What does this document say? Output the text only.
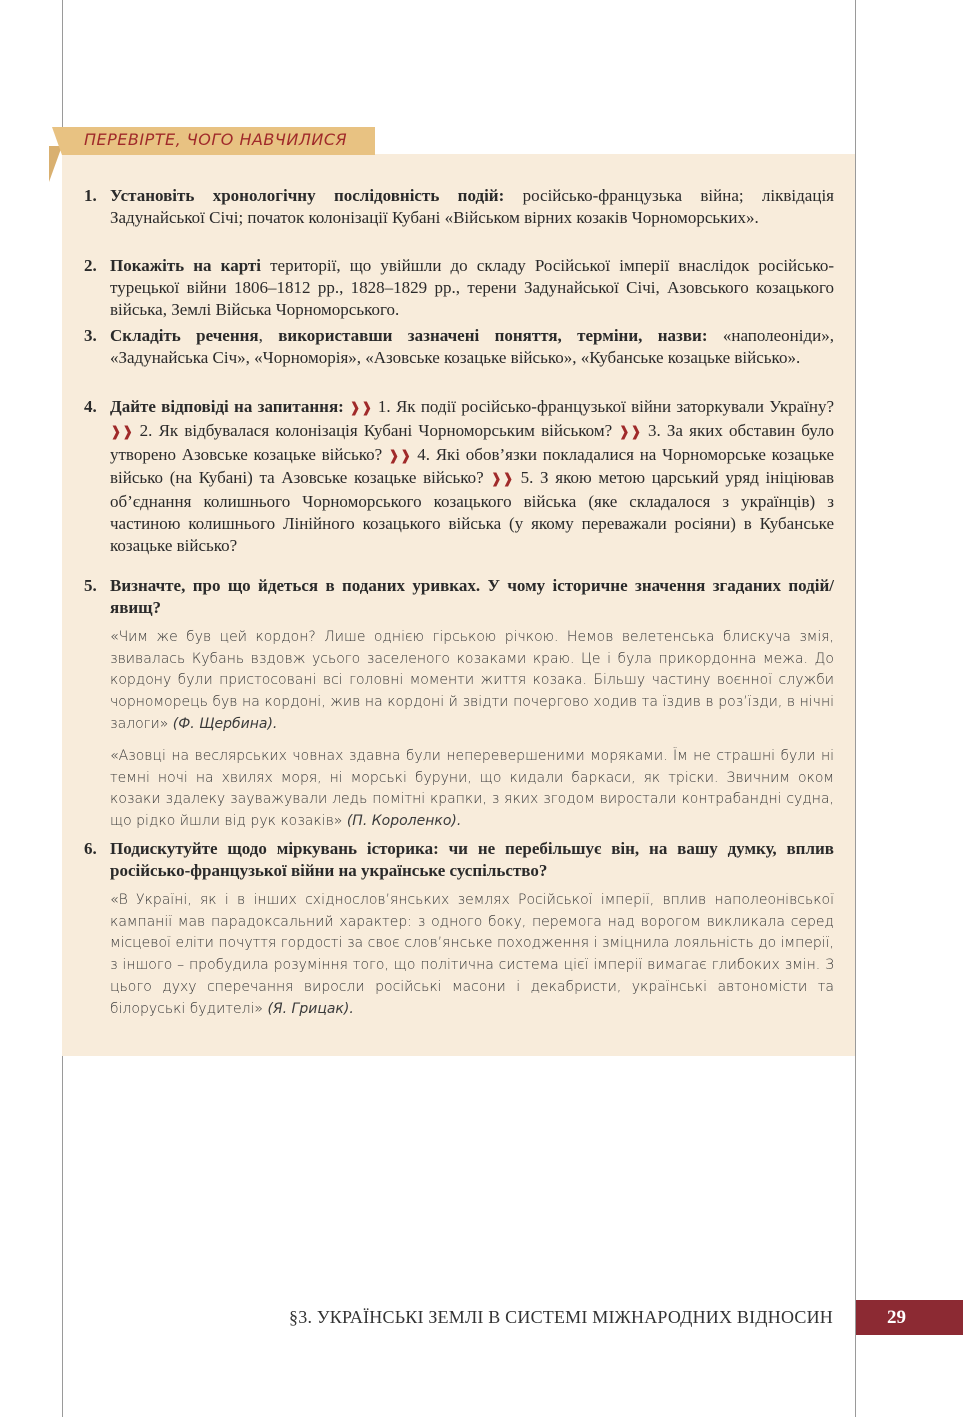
ПЕРЕВІРТЕ, ЧОГО НАВЧИЛИСЯ
1. Установіть хронологічну послідовність подій: російсько-французька війна; ліквідація Задунайської Січі; початок колонізації Кубані «Військом вірних козаків Чорноморських».
2. Покажіть на карті території, що увійшли до складу Російської імперії внаслідок російсько-турецької війни 1806–1812 рр., 1828–1829 рр., терени Задунайської Січі, Азовського козацького війська, Землі Війська Чорноморського.
3. Складіть речення, використавши зазначені поняття, терміни, назви: «наполеоніди», «Задунайська Січ», «Чорноморія», «Азовське козацьке військо», «Кубанське козацьке військо».
4. Дайте відповіді на запитання: ❱❱ 1. Як події російсько-французької війни заторкували Україну? ❱❱ 2. Як відбувалася колонізація Кубані Чорноморським військом? ❱❱ 3. За яких обставин було утворено Азовське козацьке військо? ❱❱ 4. Які обов’язки покладалися на Чорноморське козацьке військо (на Кубані) та Азовське козацьке військо? ❱❱ 5. З якою метою царський уряд ініціював об’єднання колишнього Чорноморського козацького війська (яке складалося з українців) з частиною колишнього Лінійного козацького війська (у якому переважали росіяни) в Кубанське козацьке військо?
5. Визначте, про що йдеться в поданих уривках. У чому історичне значення згаданих подій/явищ?
«Чим же був цей кордон? Лише однією гірською річкою. Немов велетенська блискуча змія, звивалась Кубань вздовж усього заселеного козаками краю. Це і була прикордонна межа. До кордону були пристосовані всі головні моменти життя козака. Більшу частину воєнної служби чорноморець був на кордоні, жив на кордоні й звідти почергово ходив та їздив в роз’їзди, в нічні залоги» (Ф. Щербина).
«Азовці на веслярських човнах здавна були неперевершеними моряками. Їм не страшні були ні темні ночі на хвилях моря, ні морські буруни, що кидали баркаси, як тріски. Звичним оком козаки здалеку зауважували ледь помітні крапки, з яких згодом виростали контрабандні судна, що рідко йшли від рук козаків» (П. Короленко).
6. Подискутуйте щодо міркувань історика: чи не перебільшує він, на вашу думку, вплив російсько-французької війни на українське суспільство?
«В Україні, як і в інших східнослов’янських землях Російської імперії, вплив наполеонівської кампанії мав парадоксальний характер: з одного боку, перемога над ворогом викликала серед місцевої еліти почуття гордості за своє слов’янське походження і зміцнила лояльність до імперії, з іншого – пробудила розуміння того, що політична система цієї імперії вимагає глибоких змін. З цього духу сперечання виросли російські масони і декабристи, українські автономісти та білоруські будителі» (Я. Грицак).
§3. УКРАЇНСЬКІ ЗЕМЛІ В СИСТЕМІ МІЖНАРОДНИХ ВІДНОСИН	29
